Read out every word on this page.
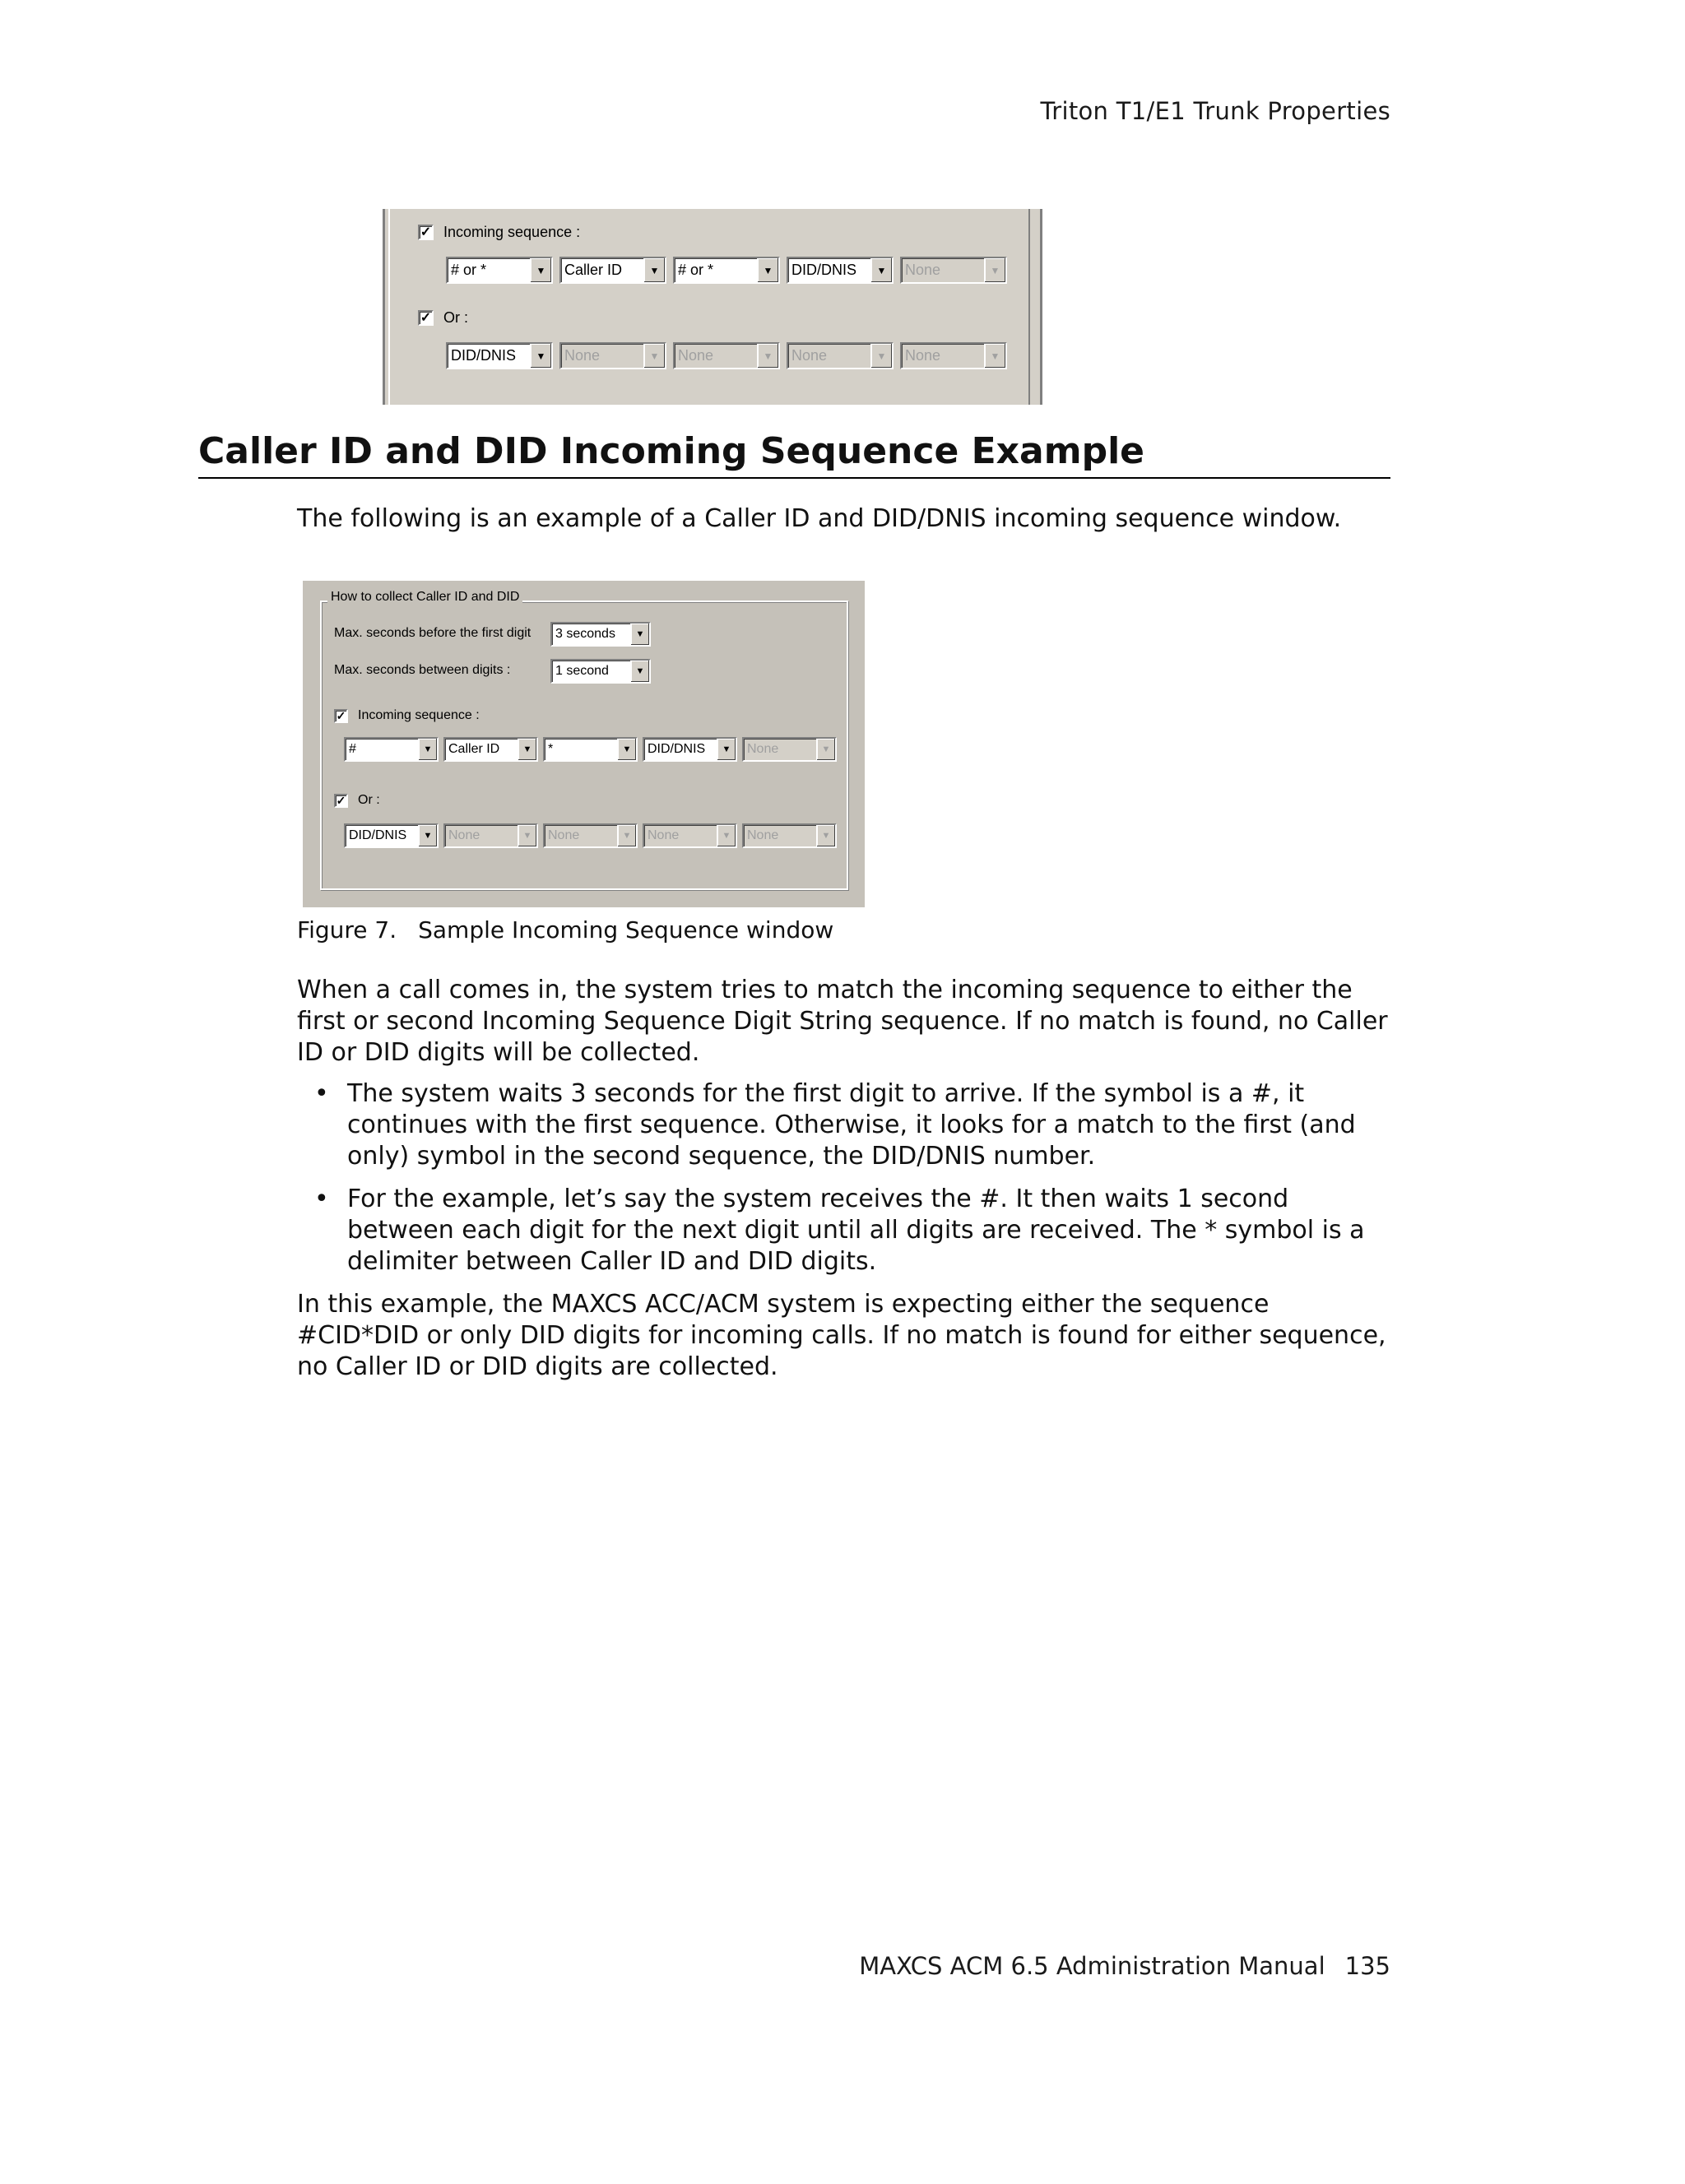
Triton T1/E1 Trunk Properties
✓ Incoming sequence :
# or *	▼	Caller ID	▼	# or *	▼	DID/DNIS	▼	None	▼
✓ Or :
DID/DNIS	▼	None	▼	None	▼	None	▼	None	▼
Caller ID and DID Incoming Sequence Example
The following is an example of a Caller ID and DID/DNIS incoming sequence window.
How to collect Caller ID and DID
Max. seconds before the first digit 3 seconds	▼
Max. seconds between digits :	1 second	▼
✓ Incoming sequence :
#	▼	Caller ID	▼	*	▼	DID/DNIS	▼	None	▼
✓ Or :
DID/DNIS	▼	None	▼	None	▼	None	▼	None	▼
Figure 7. Sample Incoming Sequence window
When a call comes in, the system tries to match the incoming sequence to either the first or second Incoming Sequence Digit String sequence. If no match is found, no Caller ID or DID digits will be collected.
• The system waits 3 seconds for the first digit to arrive. If the symbol is a #, it continues with the first sequence. Otherwise, it looks for a match to the first (and only) symbol in the second sequence, the DID/DNIS number.
• For the example, let’s say the system receives the #. It then waits 1 second between each digit for the next digit until all digits are received. The * symbol is a delimiter between Caller ID and DID digits.
In this example, the MAXCS ACC/ACM system is expecting either the sequence #CID*DID or only DID digits for incoming calls. If no match is found for either sequence, no Caller ID or DID digits are collected.
MAXCS ACM 6.5 Administration Manual 135
